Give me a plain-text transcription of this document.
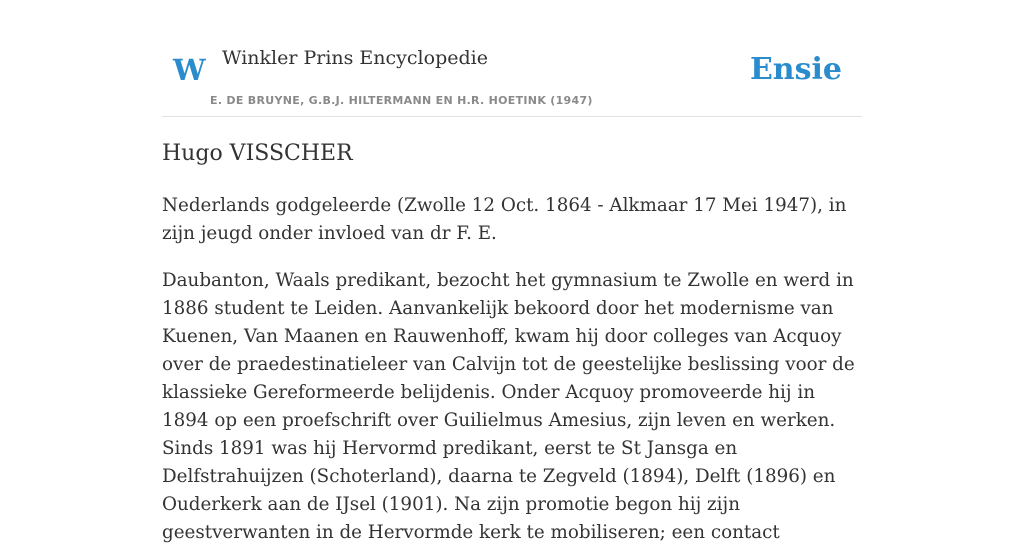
W Winkler Prins Encyclopedie
E. DE BRUYNE, G.B.J. HILTERMANN EN H.R. HOETINK (1947)
Ensie
Hugo VISSCHER

Nederlands godgeleerde (Zwolle 12 Oct. 1864 - Alkmaar 17 Mei 1947), in zijn jeugd onder invloed van dr F. E.

Daubanton, Waals predikant, bezocht het gymnasium te Zwolle en werd in 1886 student te Leiden. Aanvankelijk bekoord door het modernisme van Kuenen, Van Maanen en Rauwenhoff, kwam hij door colleges van Acquoy over de praedestinatieleer van Calvijn tot de geestelijke beslissing voor de klassieke Gereformeerde belijdenis. Onder Acquoy promoveerde hij in 1894 op een proefschrift over Guilielmus Amesius, zijn leven en werken. Sinds 1891 was hij Hervormd predikant, eerst te St Jansga en Delfstrahuijzen (Schoterland), daarna te Zegveld (1894), Delft (1896) en Ouderkerk aan de IJsel (1901). Na zijn promotie begon hij zijn geestverwanten in de Hervormde kerk te mobiliseren; een contact
